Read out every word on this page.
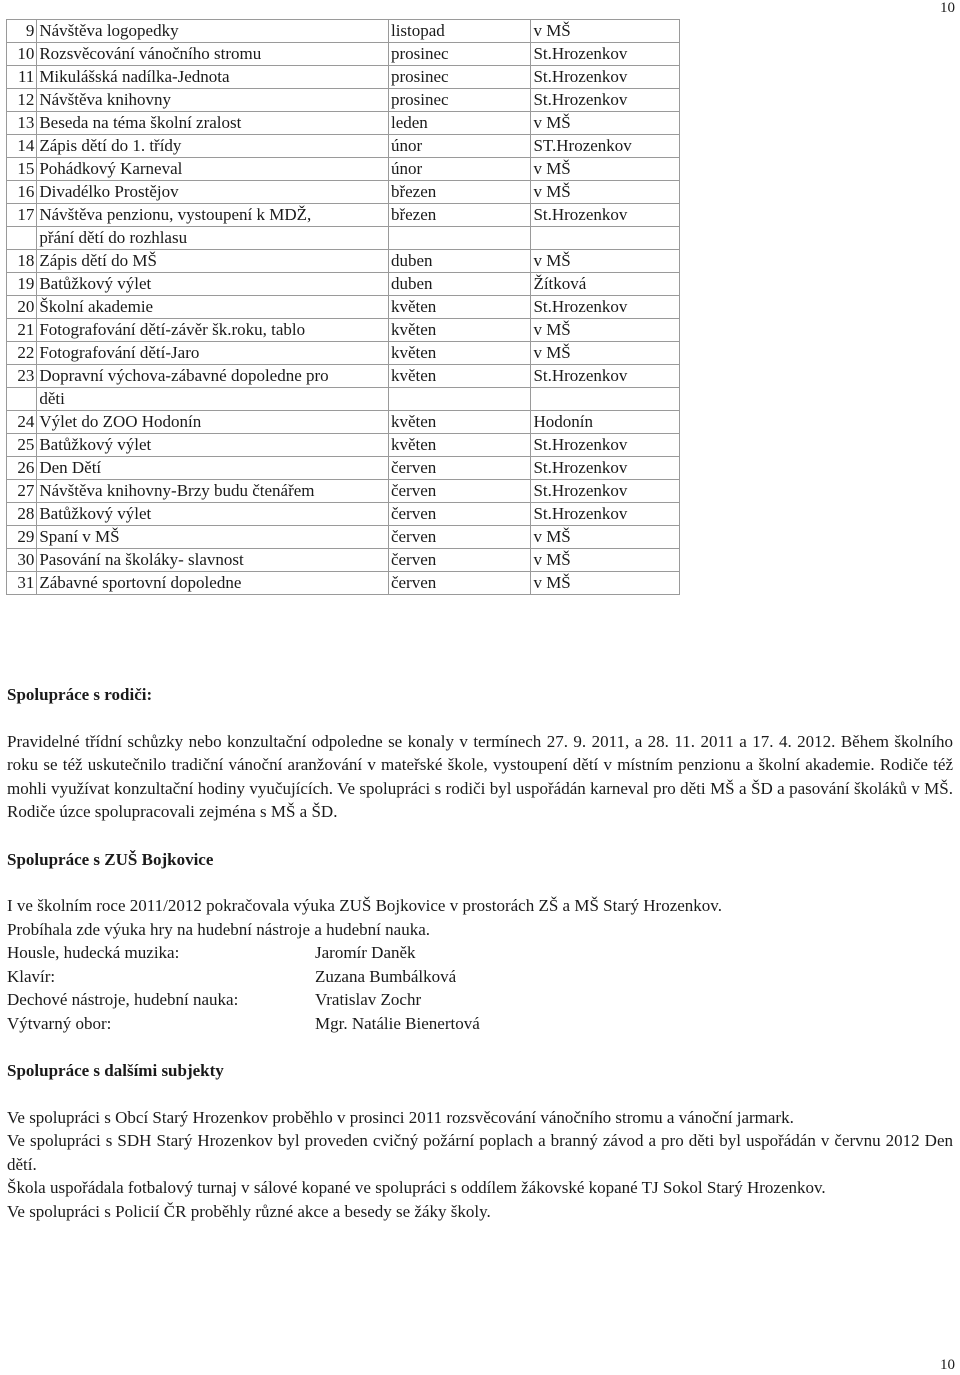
10
9	Návštěva logopedky	listopad	v MŠ
10	Rozsvěcování vánočního stromu	prosinec	St.Hrozenkov
11	Mikulášská nadílka-Jednota	prosinec	St.Hrozenkov
12	Návštěva knihovny	prosinec	St.Hrozenkov
13	Beseda na téma školní zralost	leden	v MŠ
14	Zápis dětí do 1. třídy	únor	ST.Hrozenkov
15	Pohádkový Karneval	únor	v MŠ
16	Divadélko Prostějov	březen	v MŠ
17	Návštěva penzionu, vystoupení k MDŽ,	březen	St.Hrozenkov
	přání dětí do rozhlasu		
18	Zápis dětí do MŠ	duben	v MŠ
19	Batůžkový výlet	duben	Žítková
20	Školní akademie	květen	St.Hrozenkov
21	Fotografování dětí-závěr šk.roku, tablo	květen	v MŠ
22	Fotografování dětí-Jaro	květen	v MŠ
23	Dopravní výchova-zábavné dopoledne pro	květen	St.Hrozenkov
	děti		
24	Výlet do ZOO Hodonín	květen	Hodonín
25	Batůžkový výlet	květen	St.Hrozenkov
26	Den Dětí	červen	St.Hrozenkov
27	Návštěva knihovny-Brzy budu čtenářem	červen	St.Hrozenkov
28	Batůžkový výlet	červen	St.Hrozenkov
29	Spaní v MŠ	červen	v MŠ
30	Pasování na školáky- slavnost	červen	v MŠ
31	Zábavné sportovní dopoledne	červen	v MŠ

Spolupráce s rodiči:

Pravidelné třídní schůzky nebo konzultační odpoledne se konaly v termínech 27. 9. 2011, a 28. 11. 2011 a 17. 4. 2012. Během školního roku se též uskutečnilo tradiční vánoční aranžování v mateřské škole, vystoupení dětí v místním penzionu a školní akademie. Rodiče též mohli využívat konzultační hodiny vyučujících. Ve spolupráci s rodiči byl uspořádán karneval pro děti MŠ a ŠD a pasování školáků v MŠ. Rodiče úzce spolupracovali zejména s MŠ a ŠD.

Spolupráce s ZUŠ Bojkovice

I ve školním roce 2011/2012 pokračovala výuka ZUŠ Bojkovice v prostorách ZŠ a MŠ Starý Hrozenkov.

Probíhala zde výuka hry na hudební nástroje a hudební nauka.

Housle, hudecká muzika:	Jaromír Daněk
Klavír:	Zuzana Bumbálková
Dechové nástroje, hudební nauka:	Vratislav Zochr
Výtvarný obor:	Mgr. Natálie Bienertová

Spolupráce s dalšími subjekty

Ve spolupráci s Obcí Starý Hrozenkov proběhlo v prosinci 2011 rozsvěcování vánočního stromu a vánoční jarmark.

Ve spolupráci s SDH Starý Hrozenkov byl proveden cvičný požární poplach a branný závod a pro děti byl uspořádán v červnu 2012 Den dětí.

Škola uspořádala fotbalový turnaj v sálové kopané ve spolupráci s oddílem žákovské kopané TJ Sokol Starý Hrozenkov.

Ve spolupráci s Policií ČR proběhly různé akce a besedy se žáky školy.

10
